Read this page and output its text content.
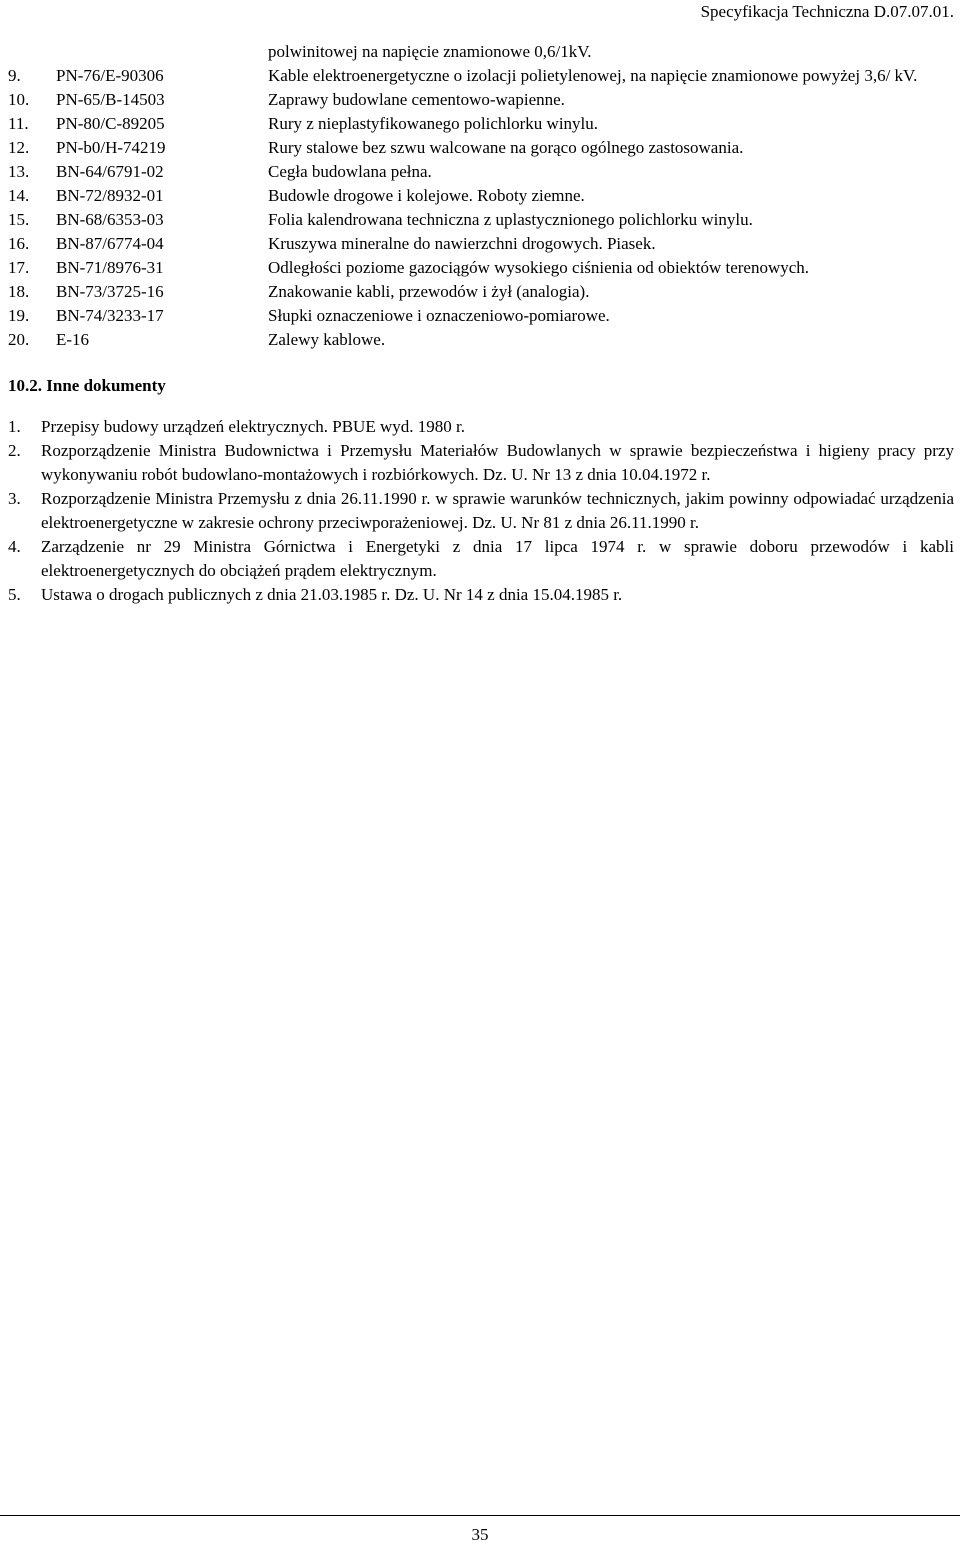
Specyfikacja Techniczna D.07.07.01.
polwinitowej na napięcie znamionowe 0,6/1kV.
9.	PN-76/E-90306	Kable elektroenergetyczne o izolacji polietylenowej, na napięcie znamionowe powyżej 3,6/ kV.
10.	PN-65/B-14503	Zaprawy budowlane cementowo-wapienne.
11.	PN-80/C-89205	Rury z nieplastyfikowanego polichlorku winylu.
12.	PN-b0/H-74219	Rury stalowe bez szwu walcowane na gorąco ogólnego zastosowania.
13.	BN-64/6791-02	Cegła budowlana pełna.
14.	BN-72/8932-01	Budowle drogowe i kolejowe. Roboty ziemne.
15.	BN-68/6353-03	Folia kalendrowana techniczna z uplastycznionego polichlorku winylu.
16.	BN-87/6774-04	Kruszywa mineralne do nawierzchni drogowych. Piasek.
17.	BN-71/8976-31	Odległości poziome gazociągów wysokiego ciśnienia od obiektów terenowych.
18.	BN-73/3725-16	Znakowanie kabli, przewodów i żył (analogia).
19.	BN-74/3233-17	Słupki oznaczeniowe i oznaczeniowo-pomiarowe.
20.	E-16	Zalewy kablowe.
10.2. Inne dokumenty
1.	Przepisy budowy urządzeń elektrycznych. PBUE wyd. 1980 r.
2.	Rozporządzenie Ministra Budownictwa i Przemysłu Materiałów Budowlanych w sprawie bezpieczeństwa i higieny pracy przy wykonywaniu robót budowlano-montażowych i rozbiórkowych. Dz. U. Nr 13 z dnia 10.04.1972 r.
3.	Rozporządzenie Ministra Przemysłu z dnia 26.11.1990 r. w sprawie warunków technicznych, jakim powinny odpowiadać urządzenia elektroenergetyczne w zakresie ochrony przeciwporażeniowej. Dz. U. Nr 81 z dnia 26.11.1990 r.
4.	Zarządzenie nr 29 Ministra Górnictwa i Energetyki z dnia 17 lipca 1974 r. w sprawie doboru przewodów i kabli elektroenergetycznych do obciążeń prądem elektrycznym.
5.	Ustawa o drogach publicznych z dnia 21.03.1985 r. Dz. U. Nr 14 z dnia 15.04.1985 r.
35
